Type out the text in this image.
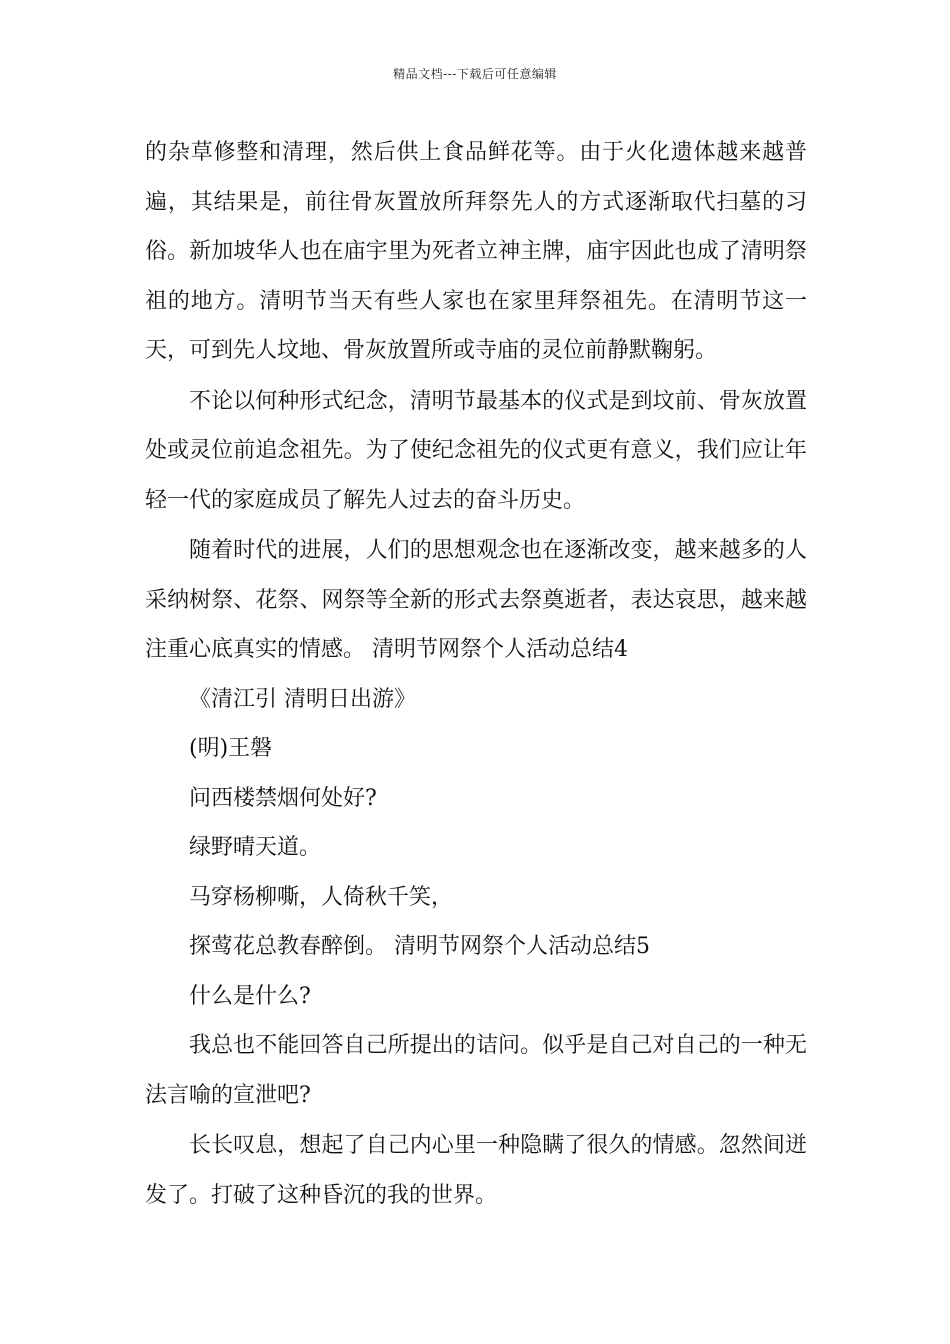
精品文档---下载后可任意编辑

的杂草修整和清理，然后供上食品鲜花等。由于火化遗体越来越普遍，其结果是，前往骨灰置放所拜祭先人的方式逐渐取代扫墓的习俗。新加坡华人也在庙宇里为死者立神主牌，庙宇因此也成了清明祭祖的地方。清明节当天有些人家也在家里拜祭祖先。在清明节这一天，可到先人坟地、骨灰放置所或寺庙的灵位前静默鞠躬。

不论以何种形式纪念，清明节最基本的仪式是到坟前、骨灰放置处或灵位前追念祖先。为了使纪念祖先的仪式更有意义，我们应让年轻一代的家庭成员了解先人过去的奋斗历史。

随着时代的进展，人们的思想观念也在逐渐改变，越来越多的人采纳树祭、花祭、网祭等全新的形式去祭奠逝者，表达哀思，越来越注重心底真实的情感。 清明节网祭个人活动总结4

《清江引 清明日出游》

(明)王磐

问西楼禁烟何处好?

绿野晴天道。

马穿杨柳嘶，人倚秋千笑，

探莺花总教春醉倒。 清明节网祭个人活动总结5

什么是什么?

我总也不能回答自己所提出的诘问。似乎是自己对自己的一种无法言喻的宣泄吧?

长长叹息，想起了自己内心里一种隐瞒了很久的情感。忽然间迸发了。打破了这种昏沉的我的世界。
